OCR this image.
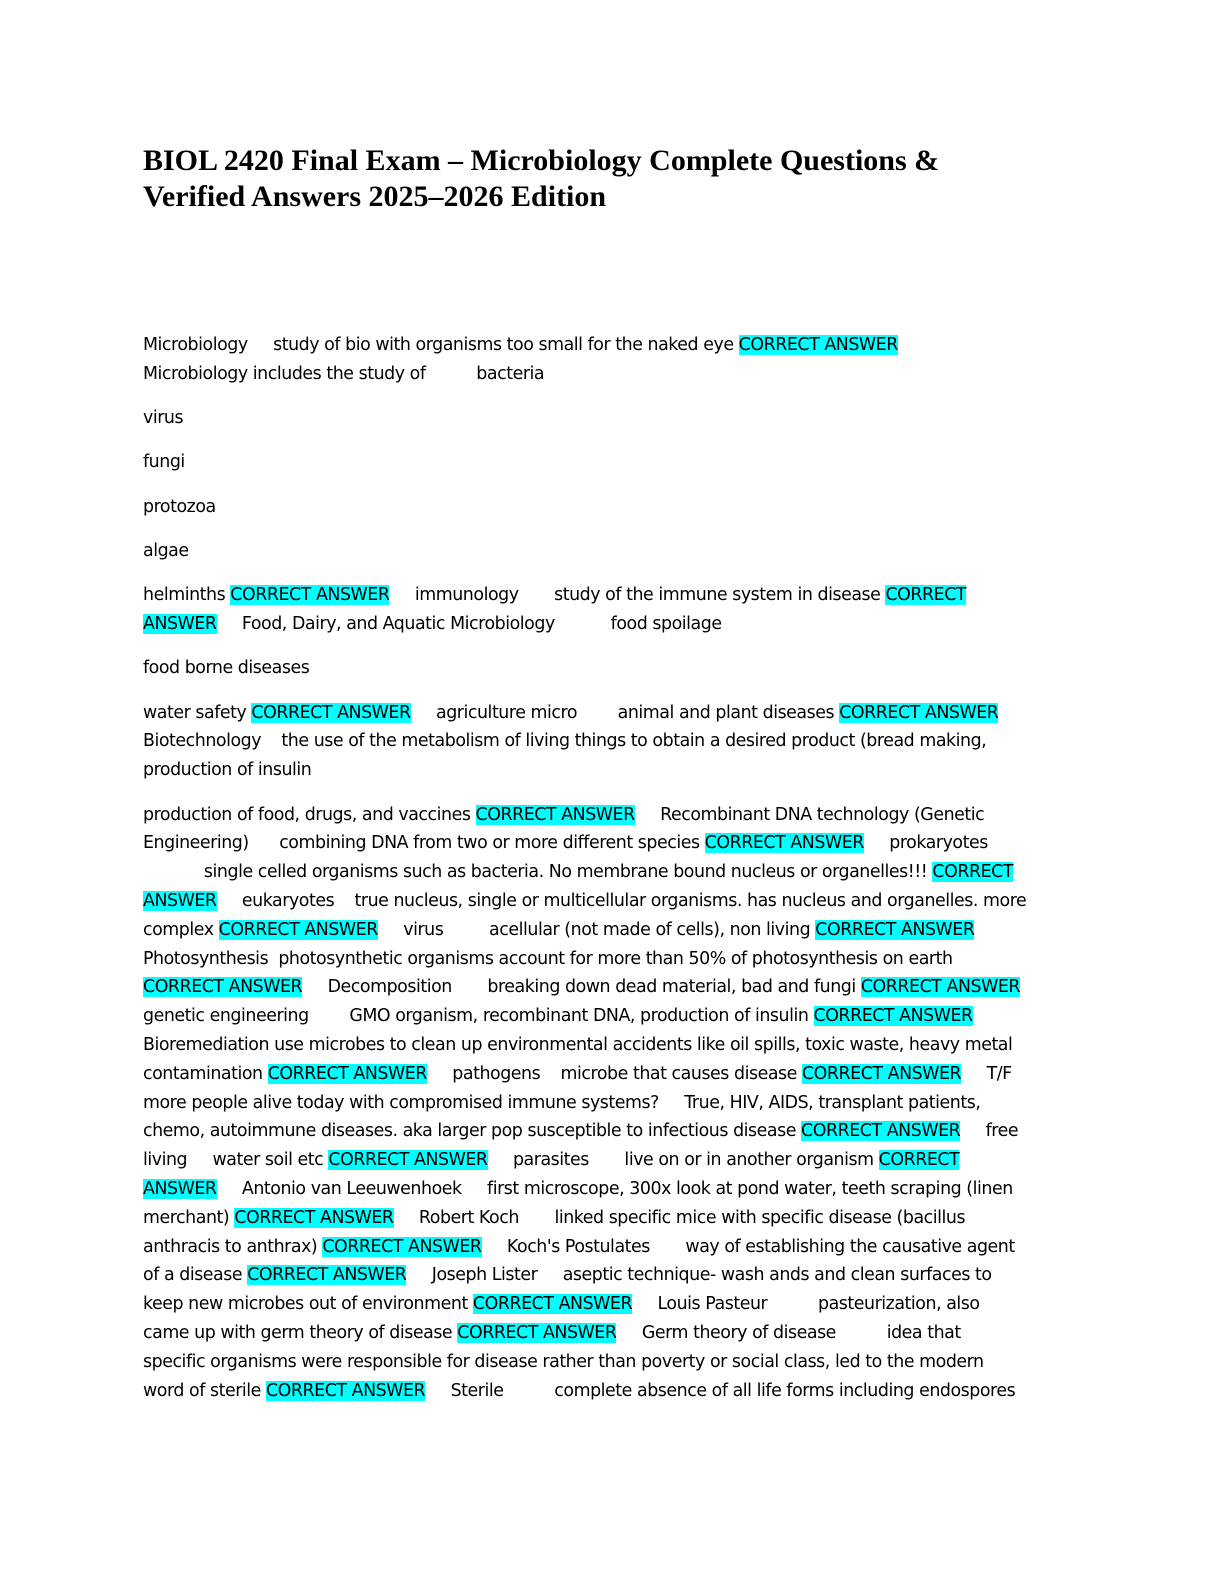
BIOL 2420 Final Exam – Microbiology Complete Questions &
Verified Answers 2025–2026 Edition
Microbiology     study of bio with organisms too small for the naked eye CORRECT ANSWER
Microbiology includes the study of          bacteria
virus
fungi
protozoa
algae
helminths CORRECT ANSWER     immunology       study of the immune system in disease CORRECT
ANSWER     Food, Dairy, and Aquatic Microbiology           food spoilage
food borne diseases
water safety CORRECT ANSWER     agriculture micro        animal and plant diseases CORRECT ANSWER
Biotechnology    the use of the metabolism of living things to obtain a desired product (bread making,
production of insulin
production of food, drugs, and vaccines CORRECT ANSWER     Recombinant DNA technology (Genetic
Engineering)      combining DNA from two or more different species CORRECT ANSWER     prokaryotes
single celled organisms such as bacteria. No membrane bound nucleus or organelles!!! CORRECT
ANSWER     eukaryotes    true nucleus, single or multicellular organisms. has nucleus and organelles. more
complex CORRECT ANSWER     virus         acellular (not made of cells), non living CORRECT ANSWER
Photosynthesis  photosynthetic organisms account for more than 50% of photosynthesis on earth
CORRECT ANSWER     Decomposition       breaking down dead material, bad and fungi CORRECT ANSWER
genetic engineering        GMO organism, recombinant DNA, production of insulin CORRECT ANSWER
Bioremediation use microbes to clean up environmental accidents like oil spills, toxic waste, heavy metal
contamination CORRECT ANSWER     pathogens    microbe that causes disease CORRECT ANSWER     T/F
more people alive today with compromised immune systems?     True, HIV, AIDS, transplant patients,
chemo, autoimmune diseases. aka larger pop susceptible to infectious disease CORRECT ANSWER     free
living     water soil etc CORRECT ANSWER     parasites       live on or in another organism CORRECT
ANSWER     Antonio van Leeuwenhoek     first microscope, 300x look at pond water, teeth scraping (linen
merchant) CORRECT ANSWER     Robert Koch       linked specific mice with specific disease (bacillus
anthracis to anthrax) CORRECT ANSWER     Koch's Postulates       way of establishing the causative agent
of a disease CORRECT ANSWER     Joseph Lister     aseptic technique- wash ands and clean surfaces to
keep new microbes out of environment CORRECT ANSWER     Louis Pasteur          pasteurization, also
came up with germ theory of disease CORRECT ANSWER     Germ theory of disease          idea that
specific organisms were responsible for disease rather than poverty or social class, led to the modern
word of sterile CORRECT ANSWER     Sterile          complete absence of all life forms including endospores
